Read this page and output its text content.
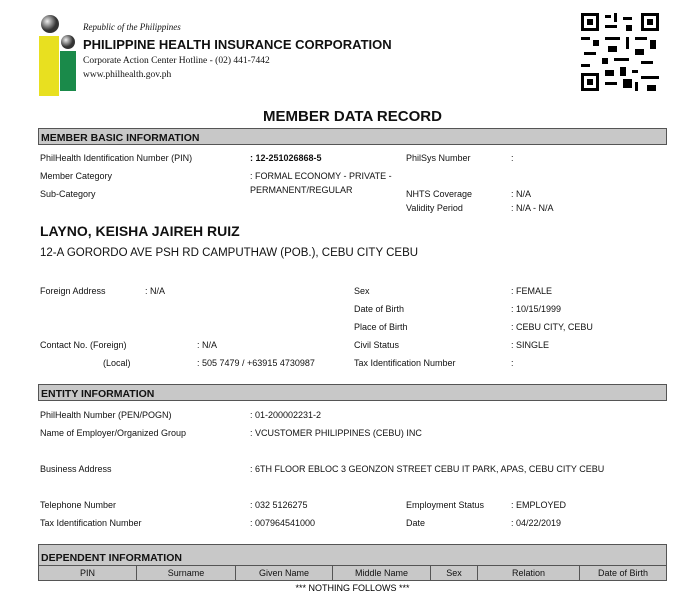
Republic of the Philippines
PHILIPPINE HEALTH INSURANCE CORPORATION
Corporate Action Center Hotline - (02) 441-7442
www.philhealth.gov.ph
MEMBER DATA RECORD
MEMBER BASIC INFORMATION
PhilHealth Identification Number (PIN)	: 12-251026868-5	PhilSys Number	:
Member Category	: FORMAL ECONOMY - PRIVATE -
PERMANENT/REGULAR
Sub-Category	NHTS Coverage	: N/A
Validity Period	: N/A - N/A
LAYNO, KEISHA JAIREH RUIZ
12-A GORORDO AVE PSH RD CAMPUTHAW (POB.), CEBU CITY CEBU
Foreign Address	: N/A	Sex	: FEMALE
Date of Birth	: 10/15/1999
Place of Birth	: CEBU CITY, CEBU
Contact No. (Foreign)	: N/A	Civil Status	: SINGLE
(Local)	: 505 7479 / +63915 4730987	Tax Identification Number	:
ENTITY INFORMATION
PhilHealth Number (PEN/POGN)	: 01-200002231-2
Name of Employer/Organized Group	: VCUSTOMER PHILIPPINES (CEBU) INC
Business Address	: 6TH FLOOR EBLOC 3 GEONZON STREET CEBU IT PARK, APAS, CEBU CITY CEBU
Telephone Number	: 032 5126275	Employment Status	: EMPLOYED
Tax Identification Number	: 007964541000	Date	: 04/22/2019
DEPENDENT INFORMATION
PIN	Surname	Given Name	Middle Name	Sex	Relation	Date of Birth
*** NOTHING FOLLOWS ***
